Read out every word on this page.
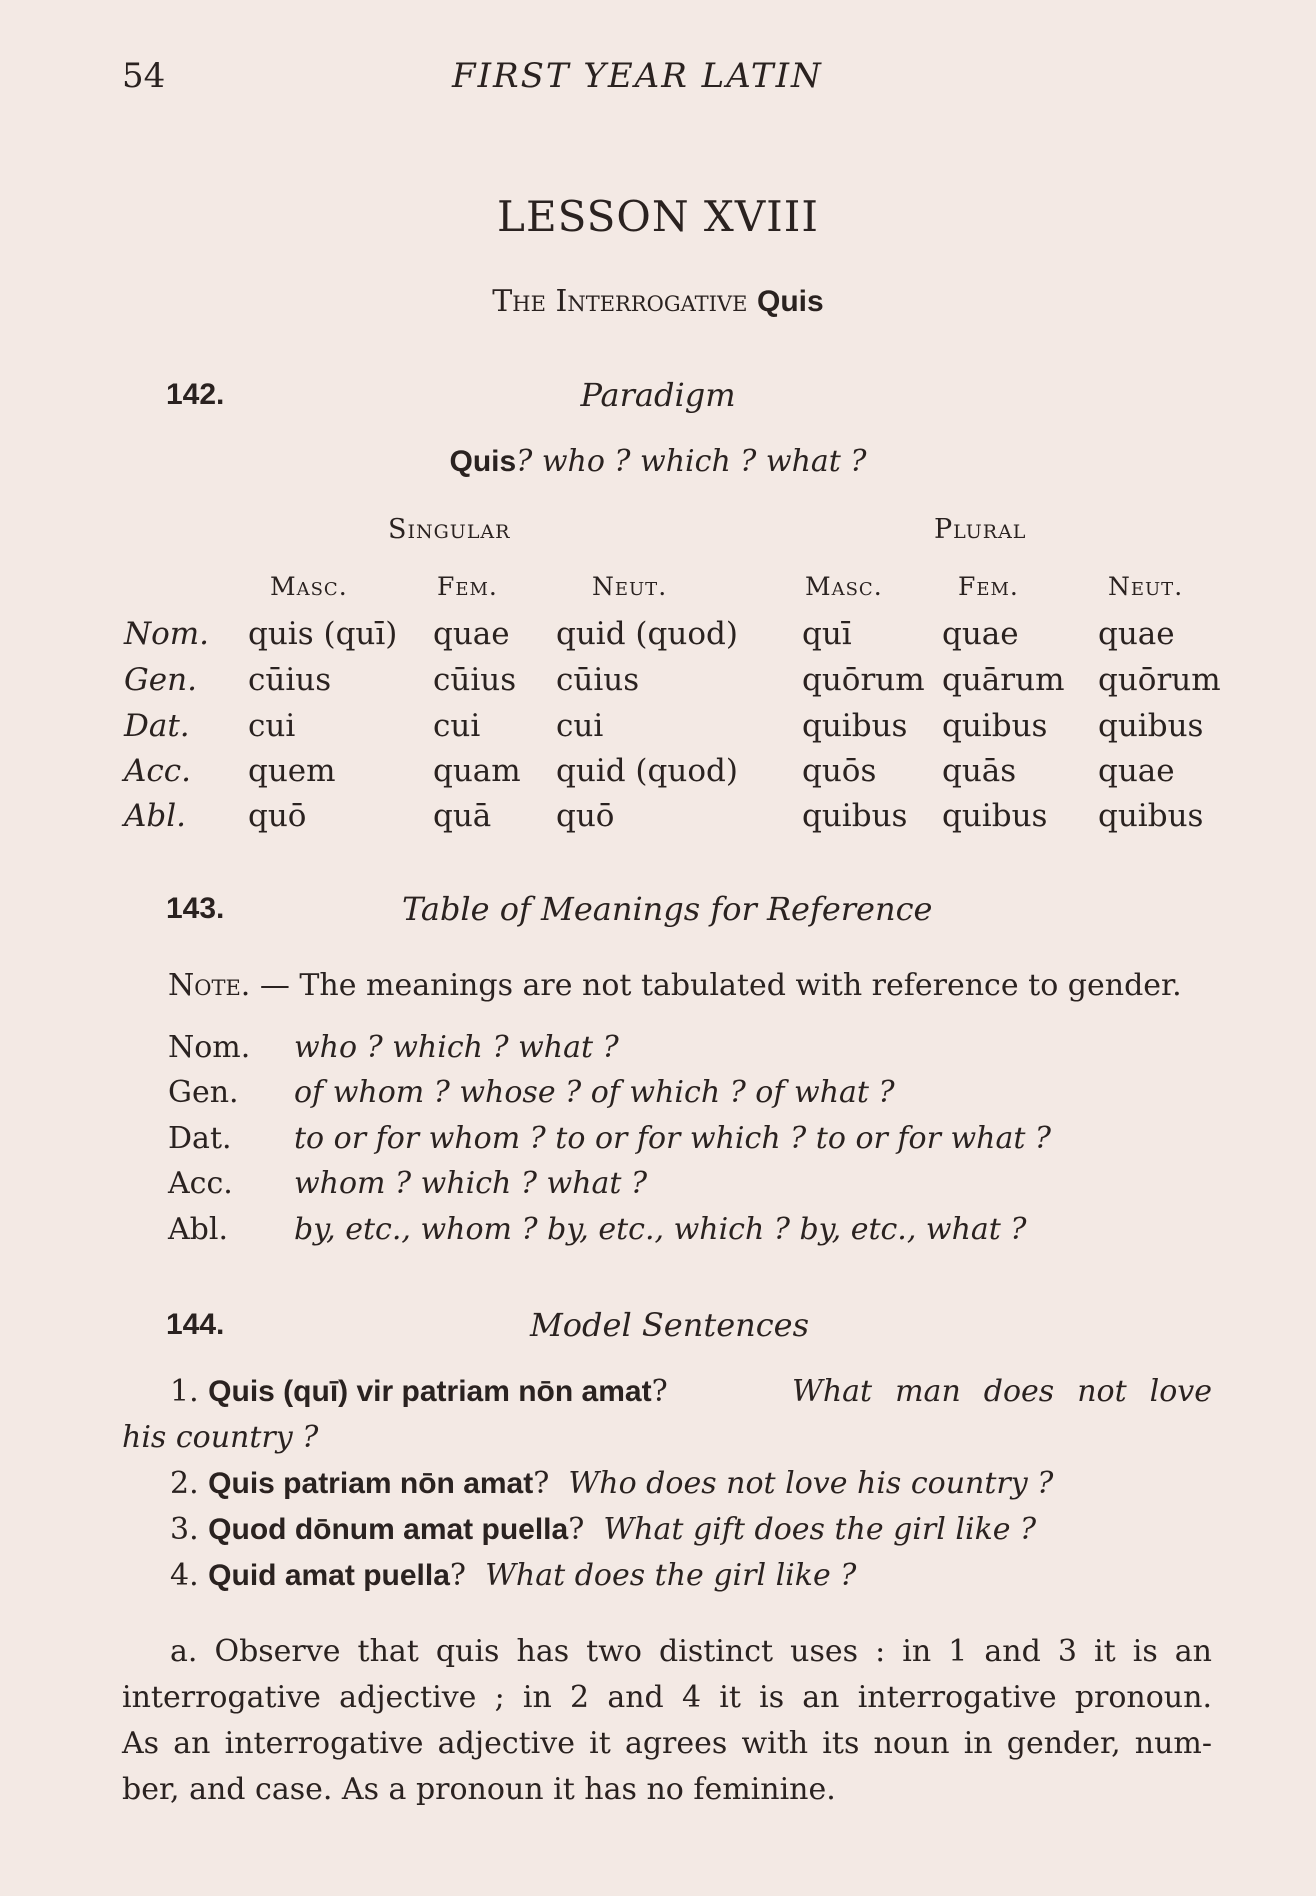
54	FIRST YEAR LATIN
LESSON XVIII
The Interrogative Quis
142.	Paradigm
Quis? who ? which ? what ?
Singular	Plural
Masc.	Fem.	Neut.	Masc.	Fem.	Neut.
Nom. quis (quī) quae quid (quod) quī	quae	quae
Gen. cūius	cūius cūius	quōrum quārum quōrum
Dat. cui	cui cui	quibus quibus quibus
Acc. quem	quam quid (quod) quōs quās	quae
Abl. quō	quā quō	quibus quibus quibus
143.	Table of Meanings for Reference
Note. — The meanings are not tabulated with reference to gender.
Nom. who ? which ? what ?
Gen. of whom ? whose ? of which ? of what ?
Dat. to or for whom ? to or for which ? to or for what ?
Acc. whom ? which ? what ?
Abl. by, etc., whom ? by, etc., which ? by, etc., what ?
144.	Model Sentences
1. Quis (quī) vir patriam nōn amat?	What man does not love
his country ?
2. Quis patriam nōn amat? Who does not love his country ?
3. Quod dōnum amat puella? What gift does the girl like ?
4. Quid amat puella? What does the girl like ?
a. Observe that quis has two distinct uses : in 1 and 3 it is an
interrogative adjective ; in 2 and 4 it is an interrogative pronoun.
As an interrogative adjective it agrees with its noun in gender, num-
ber, and case. As a pronoun it has no feminine.
